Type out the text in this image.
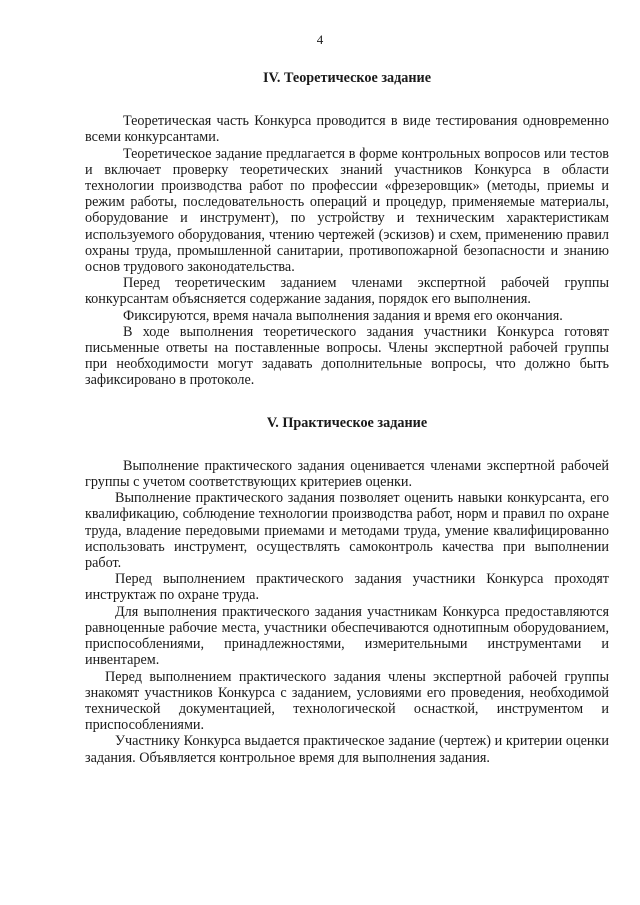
4
IV. Теоретическое задание

Теоретическая часть Конкурса проводится в виде тестирования одновременно всеми конкурсантами.

Теоретическое задание предлагается в форме контрольных вопросов или тестов и включает проверку теоретических знаний участников Конкурса в области технологии производства работ по профессии «фрезеровщик» (методы, приемы и режим работы, последовательность операций и процедур, применяемые материалы, оборудование и инструмент), по устройству и техническим характеристикам используемого оборудования, чтению чертежей (эскизов) и схем, применению правил охраны труда, промышленной санитарии, противопожарной безопасности и знанию основ трудового законодательства.

Перед теоретическим заданием членами экспертной рабочей группы конкурсантам объясняется содержание задания, порядок его выполнения.

Фиксируются, время начала выполнения задания и время его окончания.

В ходе выполнения теоретического задания участники Конкурса готовят письменные ответы на поставленные вопросы. Члены экспертной рабочей группы при необходимости могут задавать дополнительные вопросы, что должно быть зафиксировано в протоколе.

V. Практическое задание

Выполнение практического задания оценивается членами экспертной рабочей группы с учетом соответствующих критериев оценки.

Выполнение практического задания позволяет оценить навыки конкурсанта, его квалификацию, соблюдение технологии производства работ, норм и правил по охране труда, владение передовыми приемами и методами труда, умение квалифицированно использовать инструмент, осуществлять самоконтроль качества при выполнении работ.

Перед выполнением практического задания участники Конкурса проходят инструктаж по охране труда.

Для выполнения практического задания участникам Конкурса предоставляются равноценные рабочие места, участники обеспечиваются однотипным оборудованием, приспособлениями, принадлежностями, измерительными инструментами и инвентарем.

Перед выполнением практического задания члены экспертной рабочей группы знакомят участников Конкурса с заданием, условиями его проведения, необходимой технической документацией, технологической оснасткой, инструментом и приспособлениями.

Участнику Конкурса выдается практическое задание (чертеж) и критерии оценки задания. Объявляется контрольное время для выполнения задания.
